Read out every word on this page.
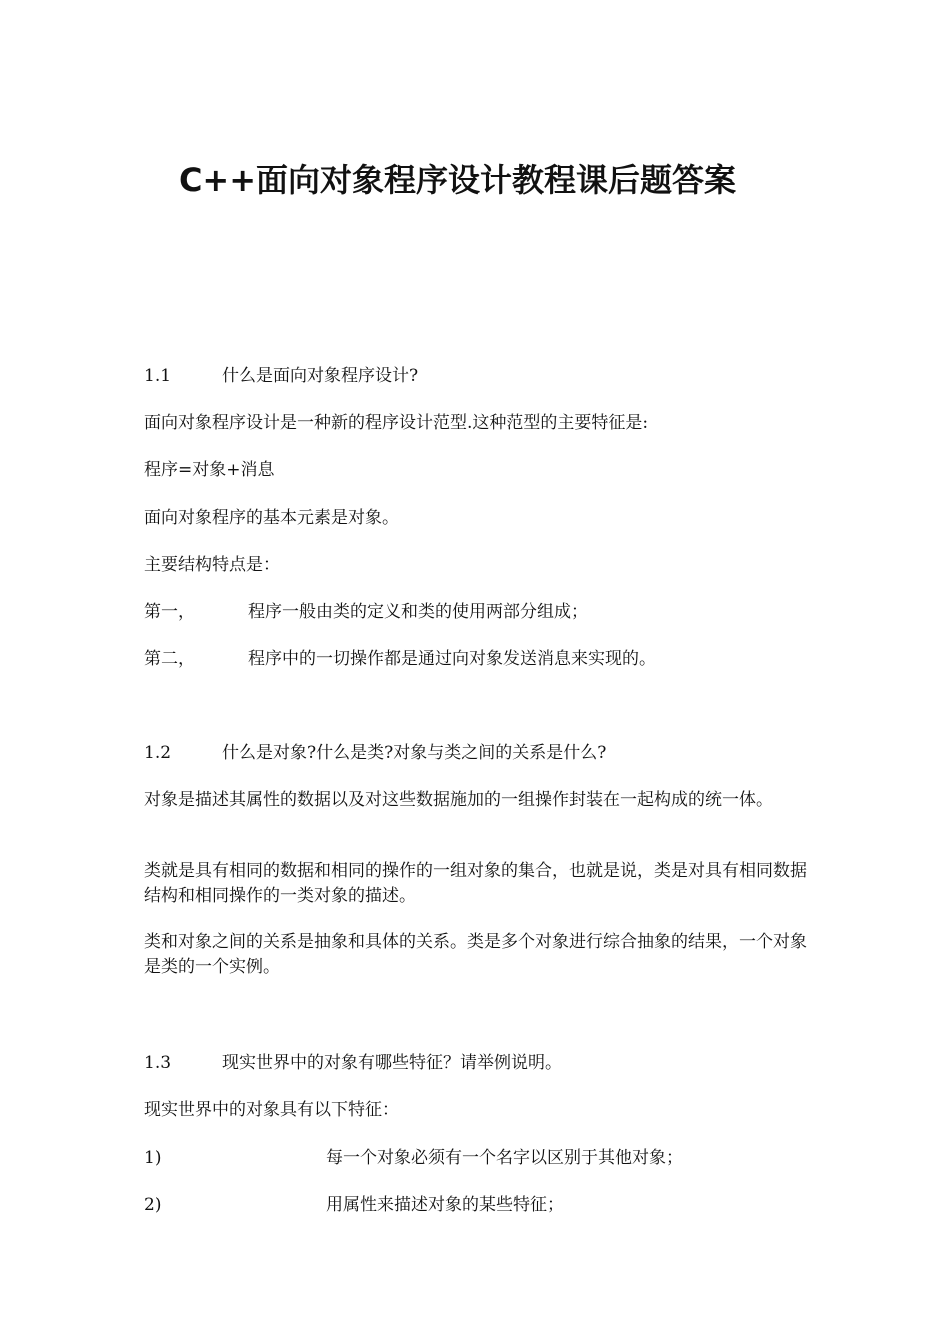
C++面向对象程序设计教程课后题答案
1.1	什么是面向对象程序设计?
面向对象程序设计是一种新的程序设计范型.这种范型的主要特征是:
程序=对象+消息
面向对象程序的基本元素是对象。
主要结构特点是：
第一，	程序一般由类的定义和类的使用两部分组成；
第二，	程序中的一切操作都是通过向对象发送消息来实现的。
1.2	什么是对象?什么是类?对象与类之间的关系是什么?
对象是描述其属性的数据以及对这些数据施加的一组操作封装在一起构成的统一体。
类就是具有相同的数据和相同的操作的一组对象的集合，也就是说，类是对具有相同数据结构和相同操作的一类对象的描述。
类和对象之间的关系是抽象和具体的关系。类是多个对象进行综合抽象的结果，一个对象是类的一个实例。
1.3	现实世界中的对象有哪些特征？请举例说明。
现实世界中的对象具有以下特征：
1)	每一个对象必须有一个名字以区别于其他对象；
2)	用属性来描述对象的某些特征；
